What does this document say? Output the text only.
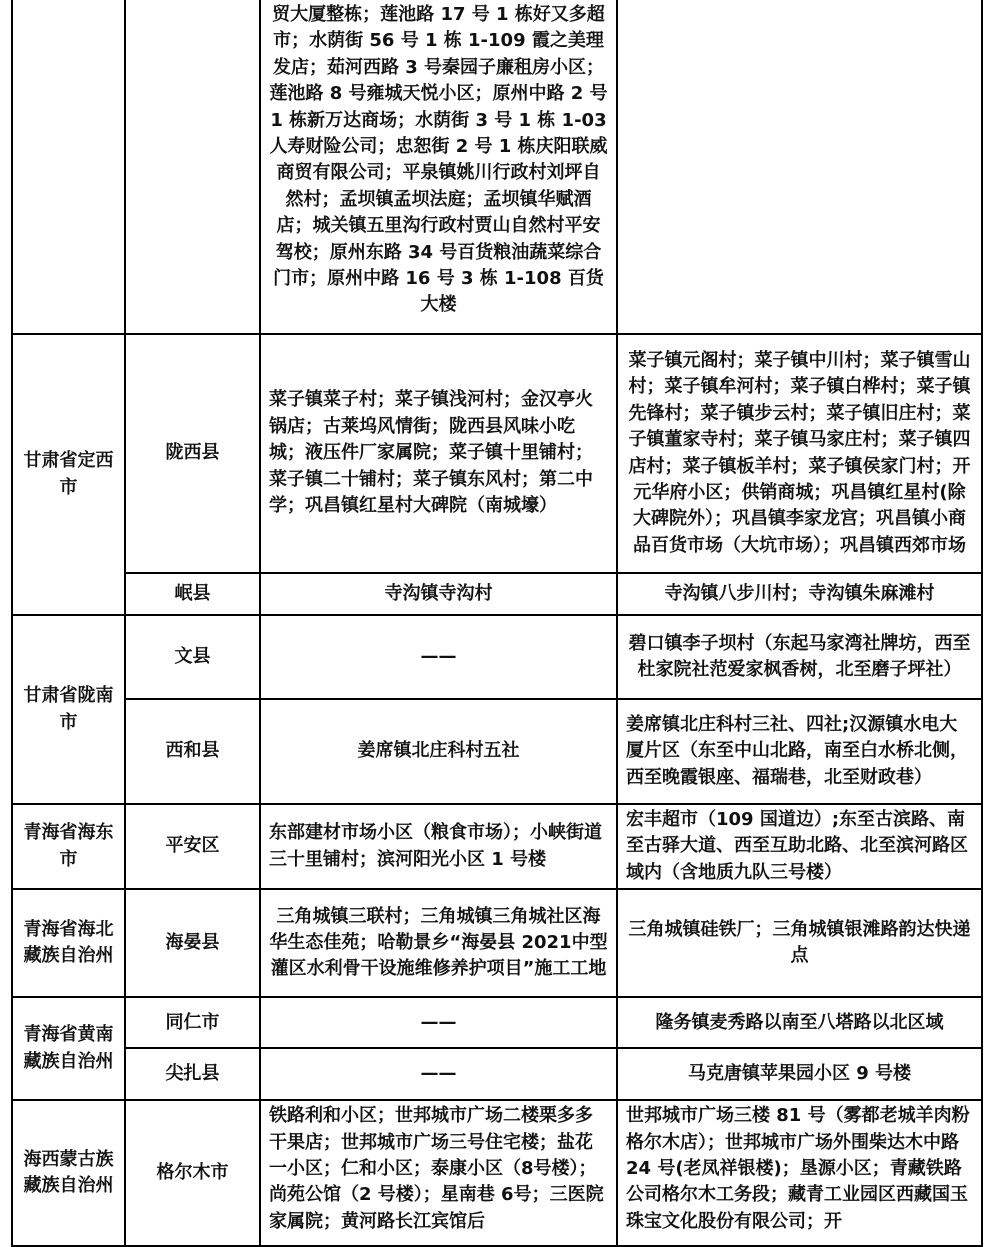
		贸大厦整栋；莲池路 17 号 1 栋好又多超市；水荫街 56 号 1 栋 1-109 霞之美理发店；茹河西路 3 号秦园子廉租房小区；莲池路 8 号雍城天悦小区；原州中路 2 号 1 栋新万达商场；水荫街 3 号 1 栋 1-03 人寿财险公司；忠恕街 2 号 1 栋庆阳联威商贸有限公司；平泉镇姚川行政村刘坪自然村；孟坝镇孟坝法庭；孟坝镇华赋酒店；城关镇五里沟行政村贾山自然村平安驾校；原州东路 34 号百货粮油蔬菜综合门市；原州中路 16 号 3 栋 1-108 百货大楼	
甘肃省定西市	陇西县	菜子镇菜子村；菜子镇浅河村；金汉亭火锅店；古莱坞风情街；陇西县风味小吃城；液压件厂家属院；菜子镇十里铺村；菜子镇二十铺村；菜子镇东风村；第二中学；巩昌镇红星村大碑院（南城壕）	菜子镇元阁村；菜子镇中川村；菜子镇雪山村；菜子镇牟河村；菜子镇白桦村；菜子镇先锋村；菜子镇步云村；菜子镇旧庄村；菜子镇董家寺村；菜子镇马家庄村；菜子镇四店村；菜子镇板羊村；菜子镇侯家门村；开元华府小区；供销商城；巩昌镇红星村(除大碑院外）；巩昌镇李家龙宫；巩昌镇小商品百货市场（大坑市场）；巩昌镇西郊市场
	岷县	寺沟镇寺沟村	寺沟镇八步川村；寺沟镇朱麻滩村
甘肃省陇南市	文县	——	碧口镇李子坝村（东起马家湾社牌坊，西至杜家院社范爱家枫香树，北至磨子坪社）
	西和县	姜席镇北庄科村五社	姜席镇北庄科村三社、四社;汉源镇水电大厦片区（东至中山北路，南至白水桥北侧，西至晚霞银座、福瑞巷，北至财政巷）
青海省海东市	平安区	东部建材市场小区（粮食市场）；小峡街道三十里铺村；滨河阳光小区 1 号楼	宏丰超市（109 国道边）;东至古滨路、南至古驿大道、西至互助北路、北至滨河路区域内（含地质九队三号楼）
青海省海北藏族自治州	海晏县	三角城镇三联村；三角城镇三角城社区海华生态佳苑；哈勒景乡“海晏县 2021中型灌区水利骨干设施维修养护项目”施工工地	三角城镇硅铁厂；三角城镇银滩路韵达快递点
青海省黄南藏族自治州	同仁市	——	隆务镇麦秀路以南至八塔路以北区域
	尖扎县	——	马克唐镇苹果园小区 9 号楼
海西蒙古族藏族自治州	格尔木市	铁路利和小区；世邦城市广场二楼栗多多干果店；世邦城市广场三号住宅楼；盐花一小区；仁和小区；泰康小区（8号楼）；尚苑公馆（2 号楼）；星南巷 6号；三医院家属院；黄河路长江宾馆后	世邦城市广场三楼 81 号（雾都老城羊肉粉格尔木店）；世邦城市广场外围柴达木中路 24 号(老凤祥银楼)；垦源小区；青藏铁路公司格尔木工务段；藏青工业园区西藏国玉珠宝文化股份有限公司；开
